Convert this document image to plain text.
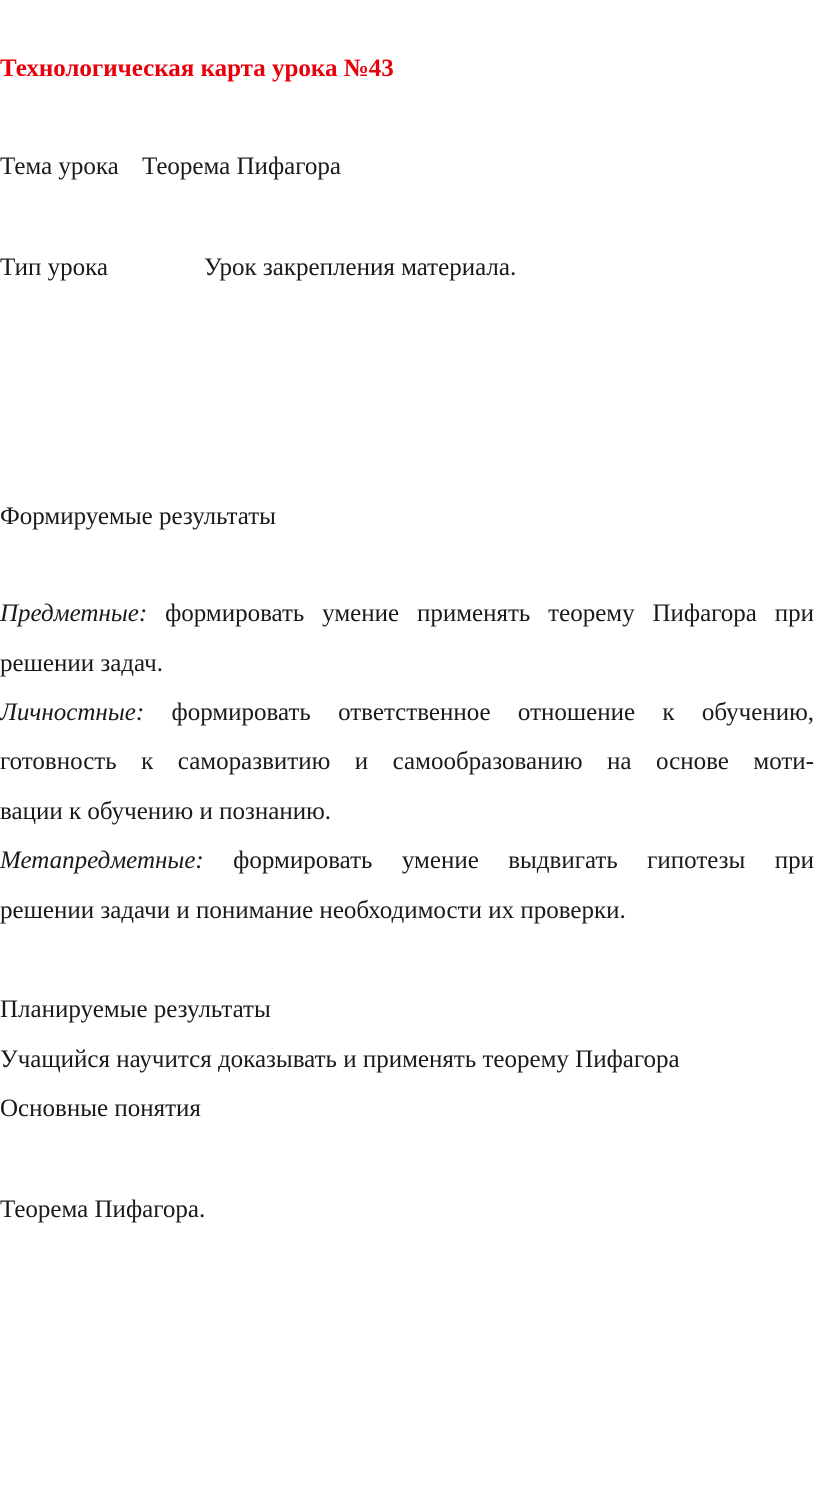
Технологическая карта урока №43
Тема урока Теорема Пифагора
Тип урока	Урок закрепления материала.
Формируемые результаты
Предметные: формировать умение применять теорему Пифагора при
решении задач.
Личностные: формировать ответственное отношение к обучению,
готовность к саморазвитию и самообразованию на основе моти-
вации к обучению и познанию.
Метапредметные: формировать умение выдвигать гипотезы при
решении задачи и понимание необходимости их проверки.
Планируемые результаты
Учащийся научится доказывать и применять теорему Пифагора
Основные понятия
Теорема Пифагора.
